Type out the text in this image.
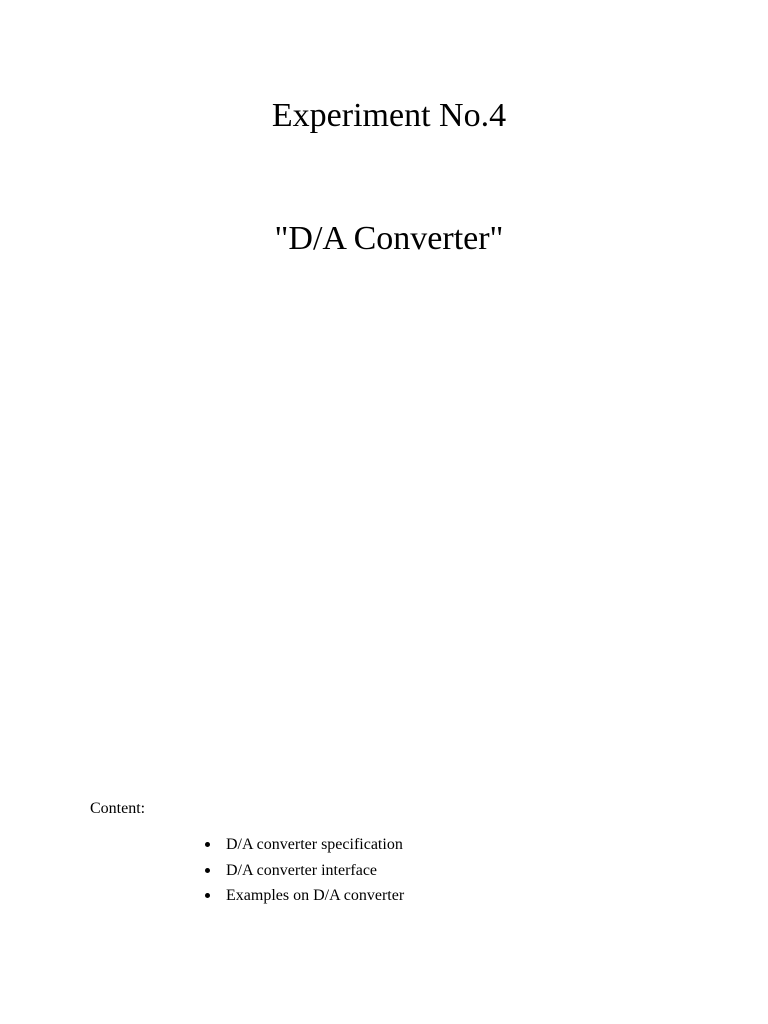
Experiment No.4
"D/A Converter"

Content:

D/A converter specification
D/A converter interface
Examples on D/A converter
